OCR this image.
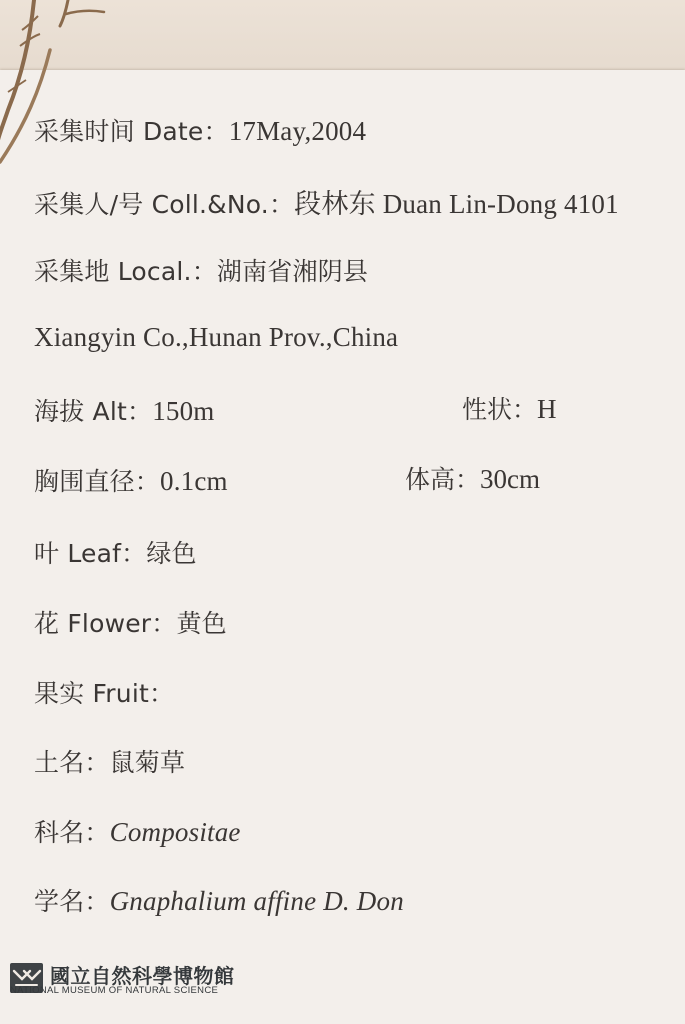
采集时间 Date：17May,2004
采集人/号 Coll.&No.：段林东 Duan Lin-Dong 4101
采集地 Local.：湖南省湘阴县
Xiangyin Co.,Hunan Prov.,China
海拔 Alt：150m	性状：H
胸围直径：0.1cm	体高：30cm
叶 Leaf：绿色
花 Flower：黄色
果实 Fruit：
土名：鼠菊草
科名：Compositae
学名：Gnaphalium affine D. Don
國立自然科學博物館
NATIONAL MUSEUM OF NATURAL SCIENCE
